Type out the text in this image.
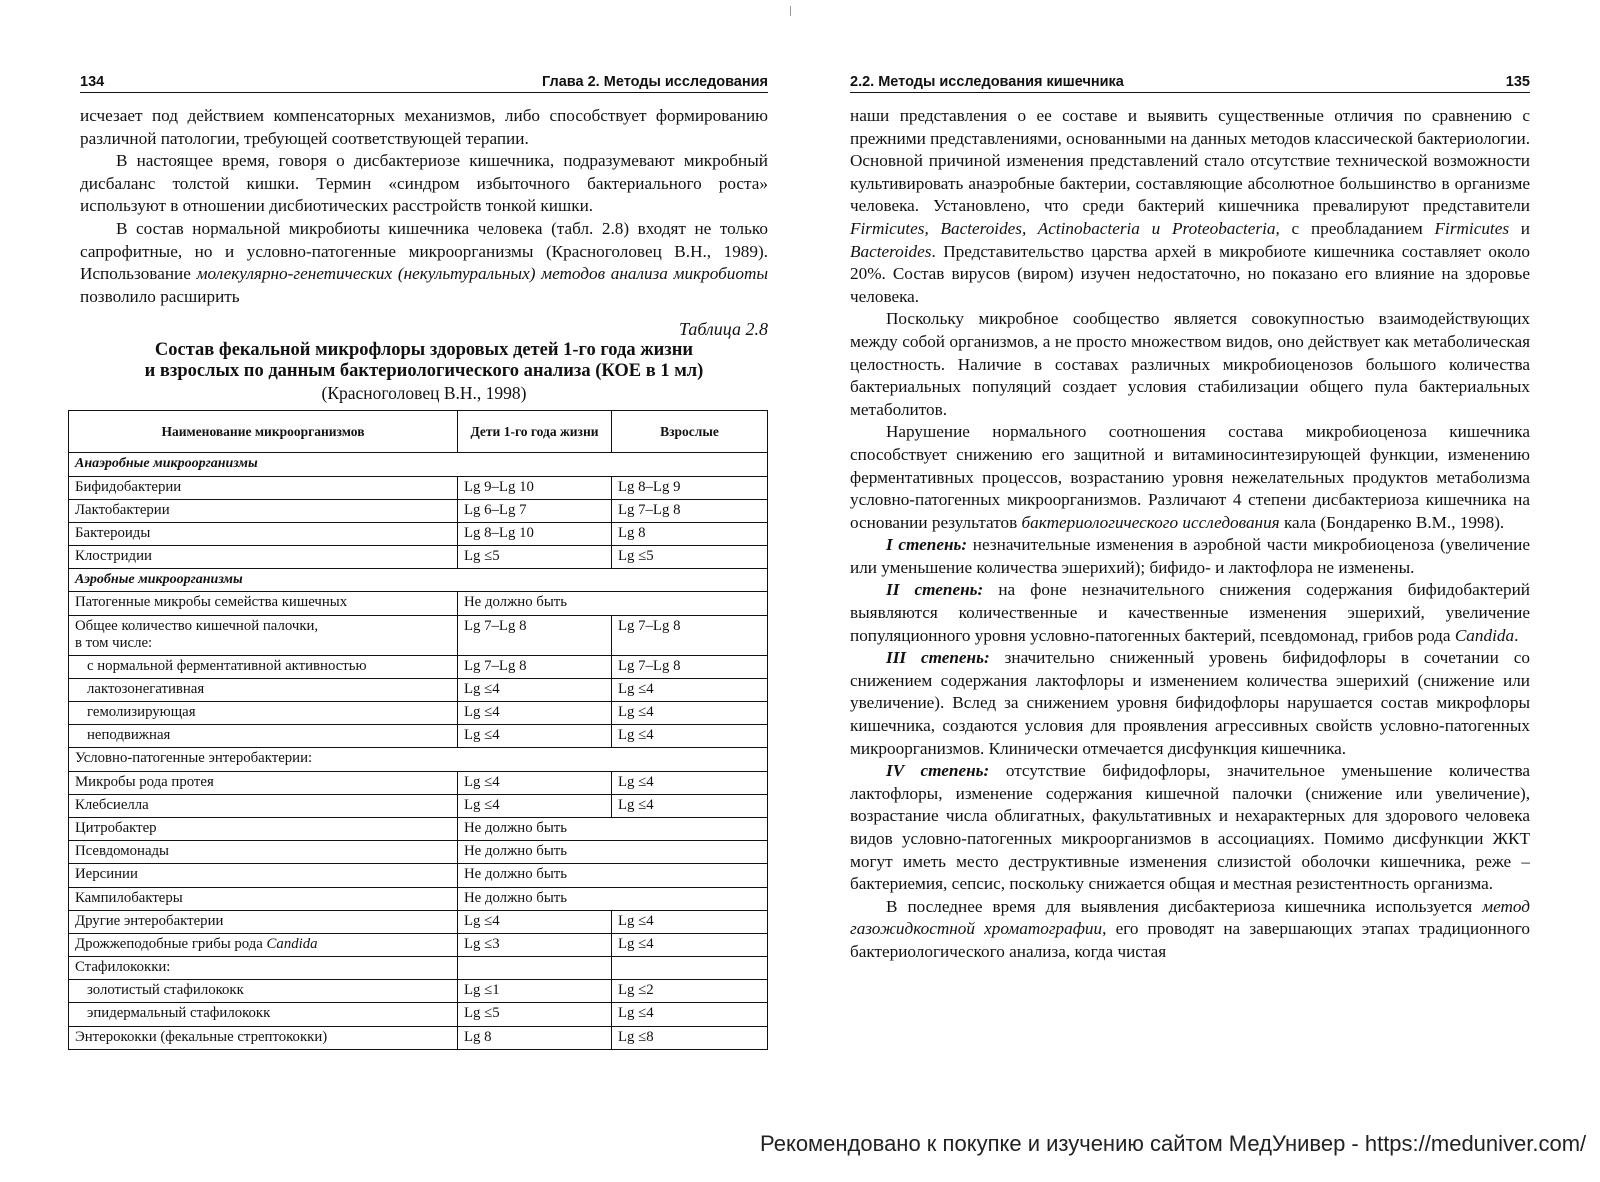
134	Глава 2. Методы исследования

исчезает под действием компенсаторных механизмов, либо способствует формированию различной патологии, требующей соответствующей терапии.

В настоящее время, говоря о дисбактериозе кишечника, подразумевают микробный дисбаланс толстой кишки. Термин «синдром избыточного бактериального роста» используют в отношении дисбиотических расстройств тонкой кишки.

В состав нормальной микробиоты кишечника человека (табл. 2.8) входят не только сапрофитные, но и условно-патогенные микроорганизмы (Красноголовец В.Н., 1989). Использование молекулярно-генетических (некультуральных) методов анализа микробиоты позволило расширить

Таблица 2.8
Состав фекальной микрофлоры здоровых детей 1-го года жизни
и взрослых по данным бактериологического анализа (КОЕ в 1 мл)
(Красноголовец В.Н., 1998)
Наименование микроорганизмов	Дети 1-го года жизни	Взрослые
Анаэробные микроорганизмы		
Бифидобактерии	Lg 9–Lg 10	Lg 8–Lg 9
Лактобактерии	Lg 6–Lg 7	Lg 7–Lg 8
Бактероиды	Lg 8–Lg 10	Lg 8
Клостридии	Lg ≤5	Lg ≤5
Аэробные микроорганизмы		
Патогенные микробы семейства кишечных	Не должно быть	
Общее количество кишечной палочки,
в том числе:	Lg 7–Lg 8	Lg 7–Lg 8
с нормальной ферментативной активностью	Lg 7–Lg 8	Lg 7–Lg 8
лактозонегативная	Lg ≤4	Lg ≤4
гемолизирующая	Lg ≤4	Lg ≤4
неподвижная	Lg ≤4	Lg ≤4
Условно-патогенные энтеробактерии:		
Микробы рода протея	Lg ≤4	Lg ≤4
Клебсиелла	Lg ≤4	Lg ≤4
Цитробактер	Не должно быть	
Псевдомонады	Не должно быть	
Иерсинии	Не должно быть	
Кампилобактеры	Не должно быть	
Другие энтеробактерии	Lg ≤4	Lg ≤4
Дрожжеподобные грибы рода Candida	Lg ≤3	Lg ≤4
Стафилококки:		
золотистый стафилококк	Lg ≤1	Lg ≤2
эпидермальный стафилококк	Lg ≤5	Lg ≤4
Энтерококки (фекальные стрептококки)	Lg 8	Lg ≤8
2.2. Методы исследования кишечника	135

наши представления о ее составе и выявить существенные отличия по сравнению с прежними представлениями, основанными на данных методов классической бактериологии. Основной причиной изменения представлений стало отсутствие технической возможности культивировать анаэробные бактерии, составляющие абсолютное большинство в организме человека. Установлено, что среди бактерий кишечника превалируют представители Firmicutes, Bacteroides, Actinobacteria и Proteobacteria, с преобладанием Firmicutes и Bacteroides. Представительство царства архей в микробиоте кишечника составляет около 20%. Состав вирусов (виром) изучен недостаточно, но показано его влияние на здоровье человека.

Поскольку микробное сообщество является совокупностью взаимодействующих между собой организмов, а не просто множеством видов, оно действует как метаболическая целостность. Наличие в составах различных микробиоценозов большого количества бактериальных популяций создает условия стабилизации общего пула бактериальных метаболитов.

Нарушение нормального соотношения состава микробиоценоза кишечника способствует снижению его защитной и витаминосинтезирующей функции, изменению ферментативных процессов, возрастанию уровня нежелательных продуктов метаболизма условно-патогенных микроорганизмов. Различают 4 степени дисбактериоза кишечника на основании результатов бактериологического исследования кала (Бондаренко В.М., 1998).

I степень: незначительные изменения в аэробной части микробиоценоза (увеличение или уменьшение количества эшерихий); бифидо- и лактофлора не изменены.

II степень: на фоне незначительного снижения содержания бифидобактерий выявляются количественные и качественные изменения эшерихий, увеличение популяционного уровня условно-патогенных бактерий, псевдомонад, грибов рода Candida.

III степень: значительно сниженный уровень бифидофлоры в сочетании со снижением содержания лактофлоры и изменением количества эшерихий (снижение или увеличение). Вслед за снижением уровня бифидофлоры нарушается состав микрофлоры кишечника, создаются условия для проявления агрессивных свойств условно-патогенных микроорганизмов. Клинически отмечается дисфункция кишечника.

IV степень: отсутствие бифидофлоры, значительное уменьшение количества лактофлоры, изменение содержания кишечной палочки (снижение или увеличение), возрастание числа облигатных, факультативных и нехарактерных для здорового человека видов условно-патогенных микроорганизмов в ассоциациях. Помимо дисфункции ЖКТ могут иметь место деструктивные изменения слизистой оболочки кишечника, реже – бактериемия, сепсис, поскольку снижается общая и местная резистентность организма.

В последнее время для выявления дисбактериоза кишечника используется метод газожидкостной хроматографии, его проводят на завершающих этапах традиционного бактериологического анализа, когда чистая

Рекомендовано к покупке и изучению сайтом МедУнивер - https://meduniver.com/
